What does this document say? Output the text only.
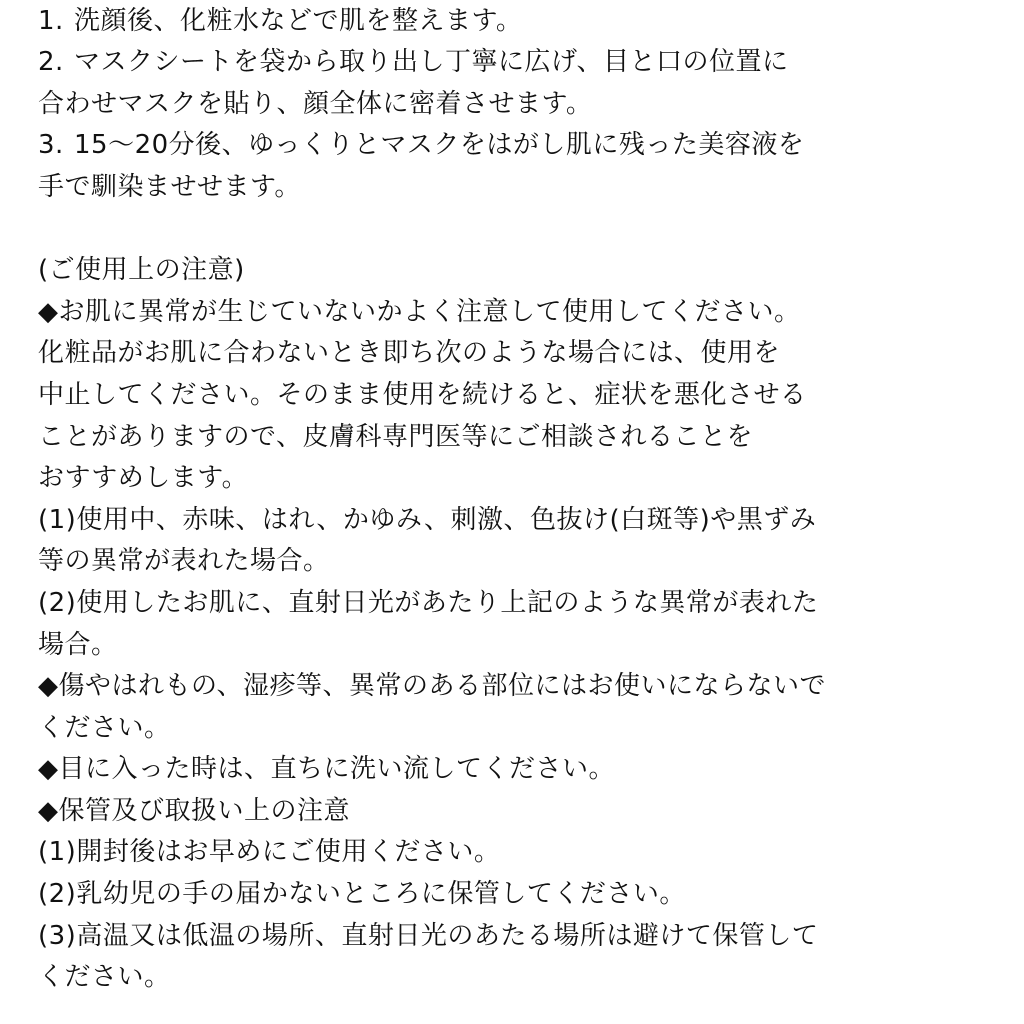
1. 洗顔後、化粧水などで肌を整えます。
2. マスクシートを袋から取り出し丁寧に広げ、目と口の位置に
合わせマスクを貼り、顔全体に密着させます。
3. 15〜20分後、ゆっくりとマスクをはがし肌に残った美容液を
手で馴染ませせます。
(ご使用上の注意)
◆お肌に異常が生じていないかよく注意して使用してください。
化粧品がお肌に合わないとき即ち次のような場合には、使用を
中止してください。そのまま使用を続けると、症状を悪化させる
ことがありますので、皮膚科専門医等にご相談されることを
おすすめします。
(1)使用中、赤味、はれ、かゆみ、刺激、色抜け(白斑等)や黒ずみ
等の異常が表れた場合。
(2)使用したお肌に、直射日光があたり上記のような異常が表れた
場合。
◆傷やはれもの、湿疹等、異常のある部位にはお使いにならないで
ください。
◆目に入った時は、直ちに洗い流してください。
◆保管及び取扱い上の注意
(1)開封後はお早めにご使用ください。
(2)乳幼児の手の届かないところに保管してください。
(3)高温又は低温の場所、直射日光のあたる場所は避けて保管して
ください。
